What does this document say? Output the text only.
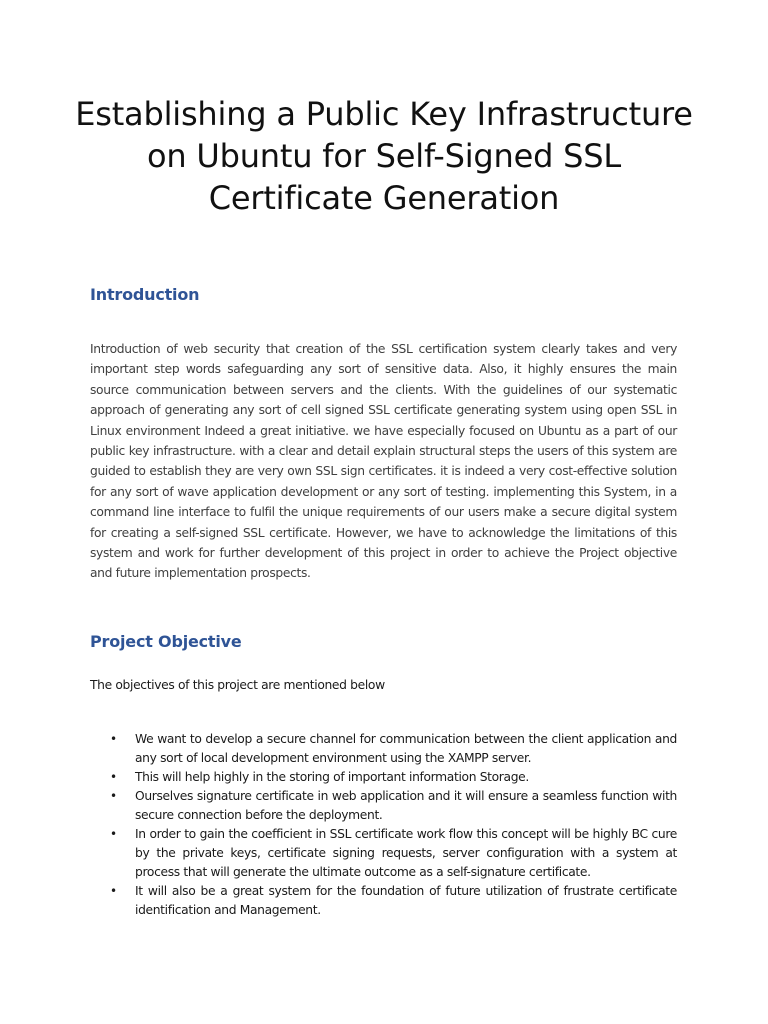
Establishing a Public Key Infrastructure on Ubuntu for Self-Signed SSL Certificate Generation
Introduction

Introduction of web security that creation of the SSL certification system clearly takes and very important step words safeguarding any sort of sensitive data. Also, it highly ensures the main source communication between servers and the clients. With the guidelines of our systematic approach of generating any sort of cell signed SSL certificate generating system using open SSL in Linux environment Indeed a great initiative. we have especially focused on Ubuntu as a part of our public key infrastructure. with a clear and detail explain structural steps the users of this system are guided to establish they are very own SSL sign certificates. it is indeed a very cost-effective solution for any sort of wave application development or any sort of testing. implementing this System, in a command line interface to fulfil the unique requirements of our users make a secure digital system for creating a self-signed SSL certificate. However, we have to acknowledge the limitations of this system and work for further development of this project in order to achieve the Project objective and future implementation prospects.

Project Objective

The objectives of this project are mentioned below

• We want to develop a secure channel for communication between the client application and any sort of local development environment using the XAMPP server.
• This will help highly in the storing of important information Storage.
• Ourselves signature certificate in web application and it will ensure a seamless function with secure connection before the deployment.
• In order to gain the coefficient in SSL certificate work flow this concept will be highly BC cure by the private keys, certificate signing requests, server configuration with a system at process that will generate the ultimate outcome as a self-signature certificate.
• It will also be a great system for the foundation of future utilization of frustrate certificate identification and Management.
